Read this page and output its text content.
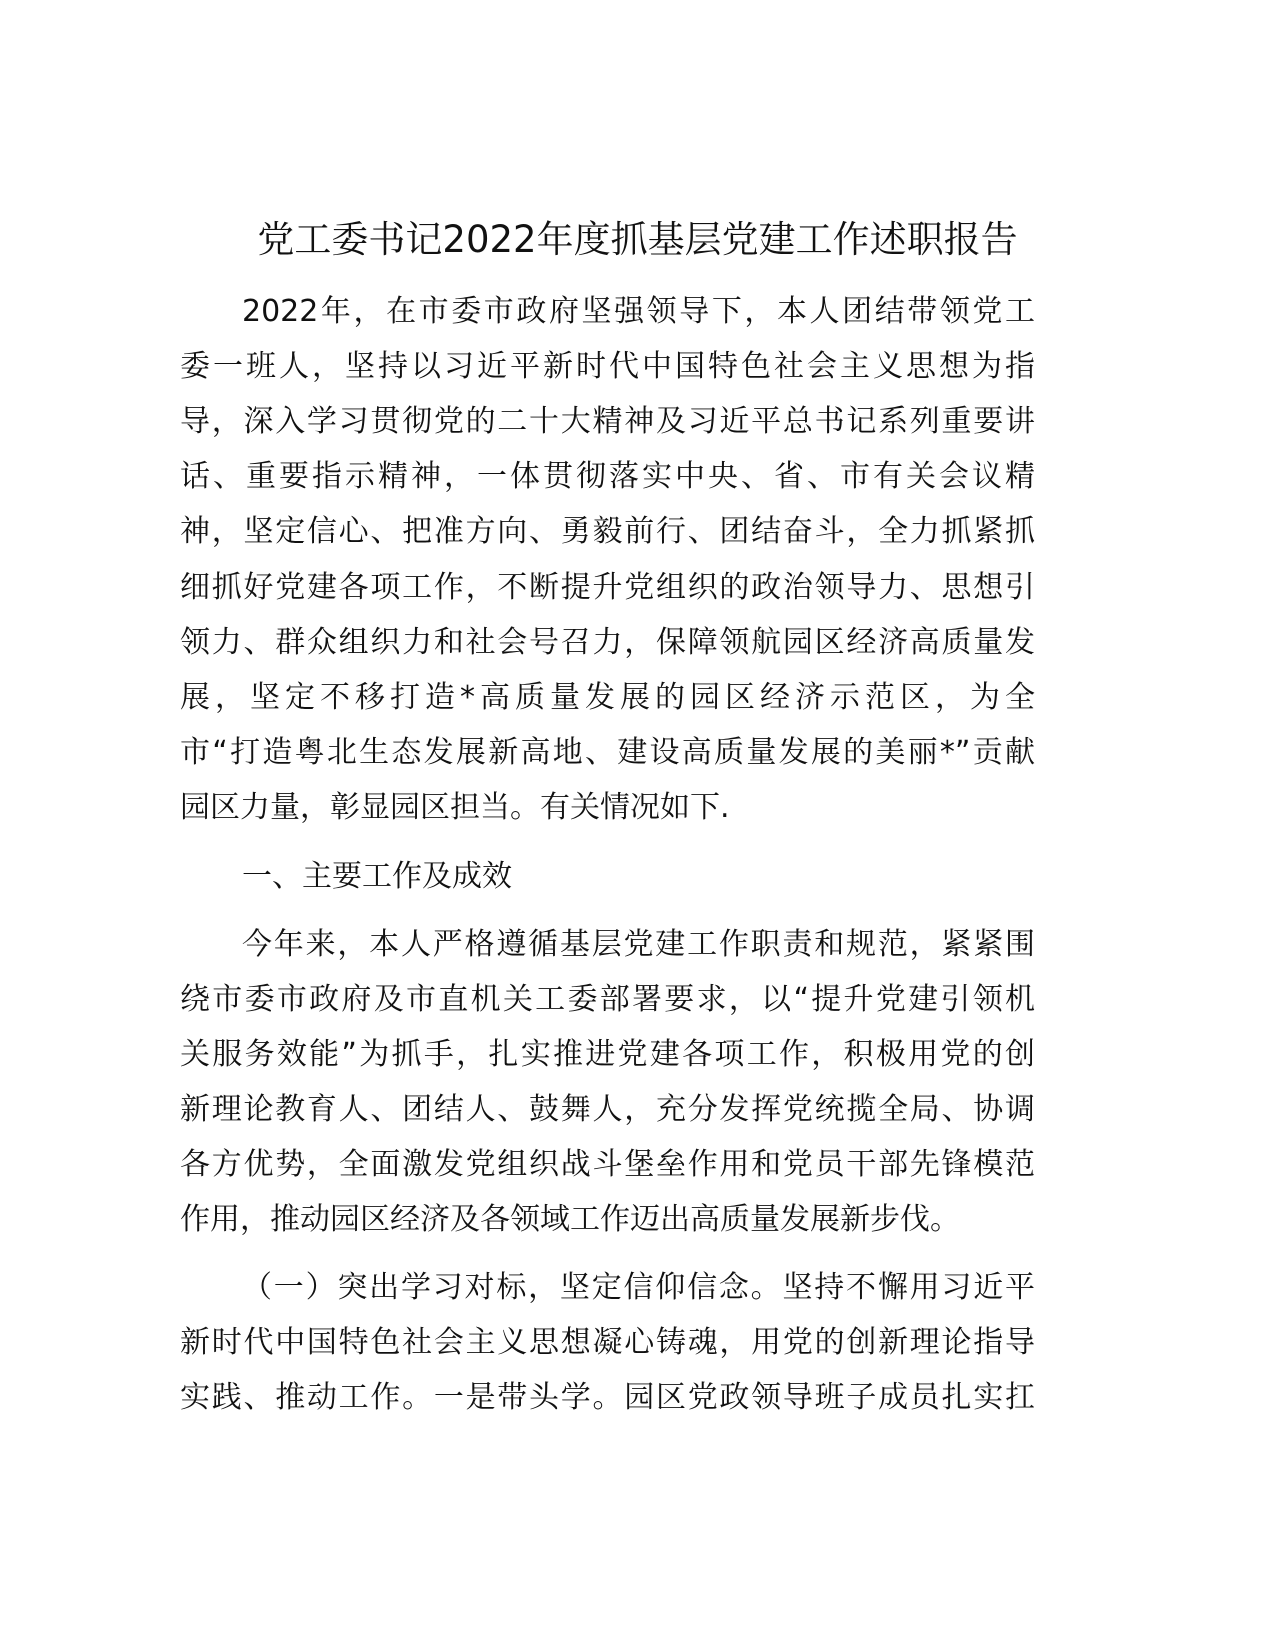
党工委书记2022年度抓基层党建工作述职报告
2022年，在市委市政府坚强领导下，本人团结带领党工
委一班人，坚持以习近平新时代中国特色社会主义思想为指
导，深入学习贯彻党的二十大精神及习近平总书记系列重要讲
话、重要指示精神，一体贯彻落实中央、省、市有关会议精
神，坚定信心、把准方向、勇毅前行、团结奋斗，全力抓紧抓
细抓好党建各项工作，不断提升党组织的政治领导力、思想引
领力、群众组织力和社会号召力，保障领航园区经济高质量发
展，坚定不移打造*高质量发展的园区经济示范区，为全
市“打造粤北生态发展新高地、建设高质量发展的美丽*”贡献
园区力量，彰显园区担当。有关情况如下.
一、主要工作及成效
今年来，本人严格遵循基层党建工作职责和规范，紧紧围
绕市委市政府及市直机关工委部署要求，以“提升党建引领机
关服务效能”为抓手，扎实推进党建各项工作，积极用党的创
新理论教育人、团结人、鼓舞人，充分发挥党统揽全局、协调
各方优势，全面激发党组织战斗堡垒作用和党员干部先锋模范
作用，推动园区经济及各领域工作迈出高质量发展新步伐。
（一）突出学习对标，坚定信仰信念。坚持不懈用习近平
新时代中国特色社会主义思想凝心铸魂，用党的创新理论指导
实践、推动工作。一是带头学。园区党政领导班子成员扎实扛
